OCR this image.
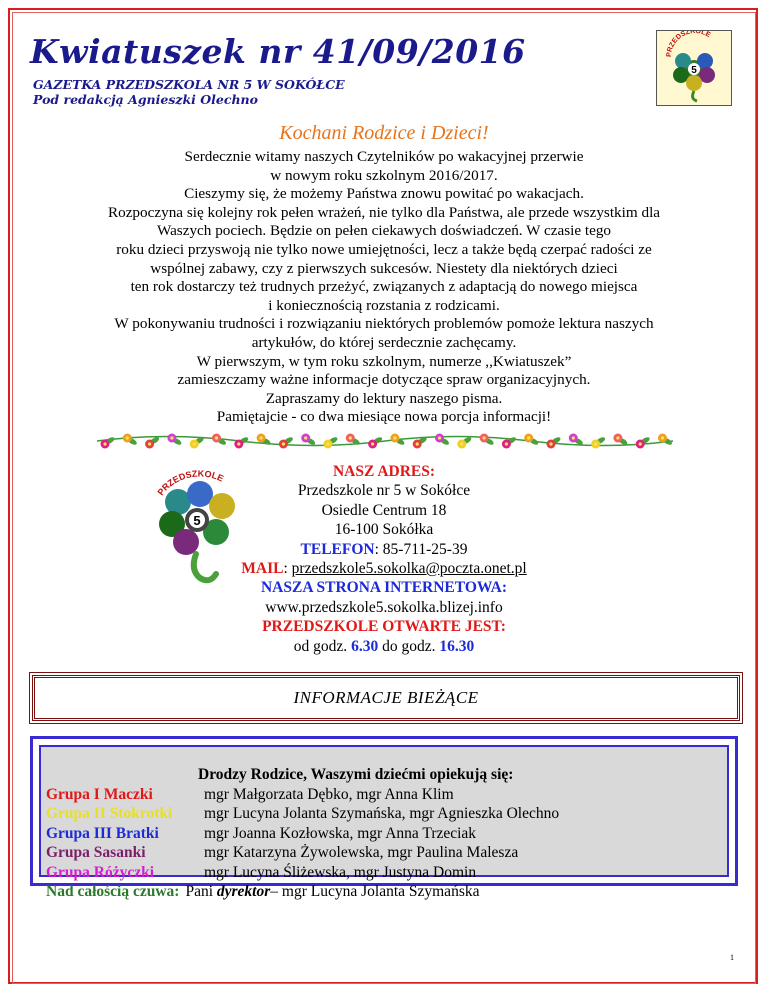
Kwiatuszek nr 41/09/2016
GAZETKA PRZEDSZKOLA NR 5 W SOKÓŁCE
Pod redakcją Agnieszki Olechno
PRZEDSZKOLE
5
Kochani Rodzice i Dzieci!
Serdecznie witamy naszych Czytelników po wakacyjnej przerwie
w nowym roku szkolnym 2016/2017.
Cieszymy się, że możemy Państwa znowu powitać po wakacjach.
Rozpoczyna się kolejny rok pełen wrażeń, nie tylko dla Państwa, ale przede wszystkim dla
Waszych pociech. Będzie on pełen ciekawych doświadczeń. W czasie tego
roku dzieci przyswoją nie tylko nowe umiejętności, lecz a także będą czerpać radości ze
wspólnej zabawy, czy z pierwszych sukcesów. Niestety dla niektórych dzieci
ten rok dostarczy też trudnych przeżyć, związanych z adaptacją do nowego miejsca
i koniecznością rozstania z rodzicami.
W pokonywaniu trudności i rozwiązaniu niektórych problemów pomoże lektura naszych
artykułów, do której serdecznie zachęcamy.
W pierwszym, w tym roku szkolnym, numerze ,,Kwiatuszek”
zamieszczamy ważne informacje dotyczące spraw organizacyjnych.
Zapraszamy do lektury naszego pisma.
Pamiętajcie - co dwa miesiące nowa porcja informacji!
PRZEDSZKOLE
5
NASZ ADRES:
Przedszkole nr 5 w Sokółce
Osiedle Centrum 18
16-100 Sokółka
TELEFON: 85-711-25-39
MAIL: przedszkole5.sokolka@poczta.onet.pl
NASZA STRONA INTERNETOWA:
www.przedszkole5.sokolka.blizej.info
PRZEDSZKOLE OTWARTE JEST:
od godz. 6.30 do godz. 16.30
INFORMACJE BIEŻĄCE
Drodzy Rodzice, Waszymi dziećmi opiekują się:
Grupa I Maczki	mgr Małgorzata Dębko, mgr Anna Klim
Grupa II Stokrotki mgr Lucyna Jolanta Szymańska, mgr Agnieszka Olechno
Grupa III Bratki	mgr Joanna Kozłowska, mgr Anna Trzeciak
Grupa Sasanki	mgr Katarzyna Żywolewska, mgr Paulina Malesza
Grupa Różyczki	mgr Lucyna Śliżewska, mgr Justyna Domin
Nad całością czuwa: Pani dyrektor– mgr Lucyna Jolanta Szymańska
1
